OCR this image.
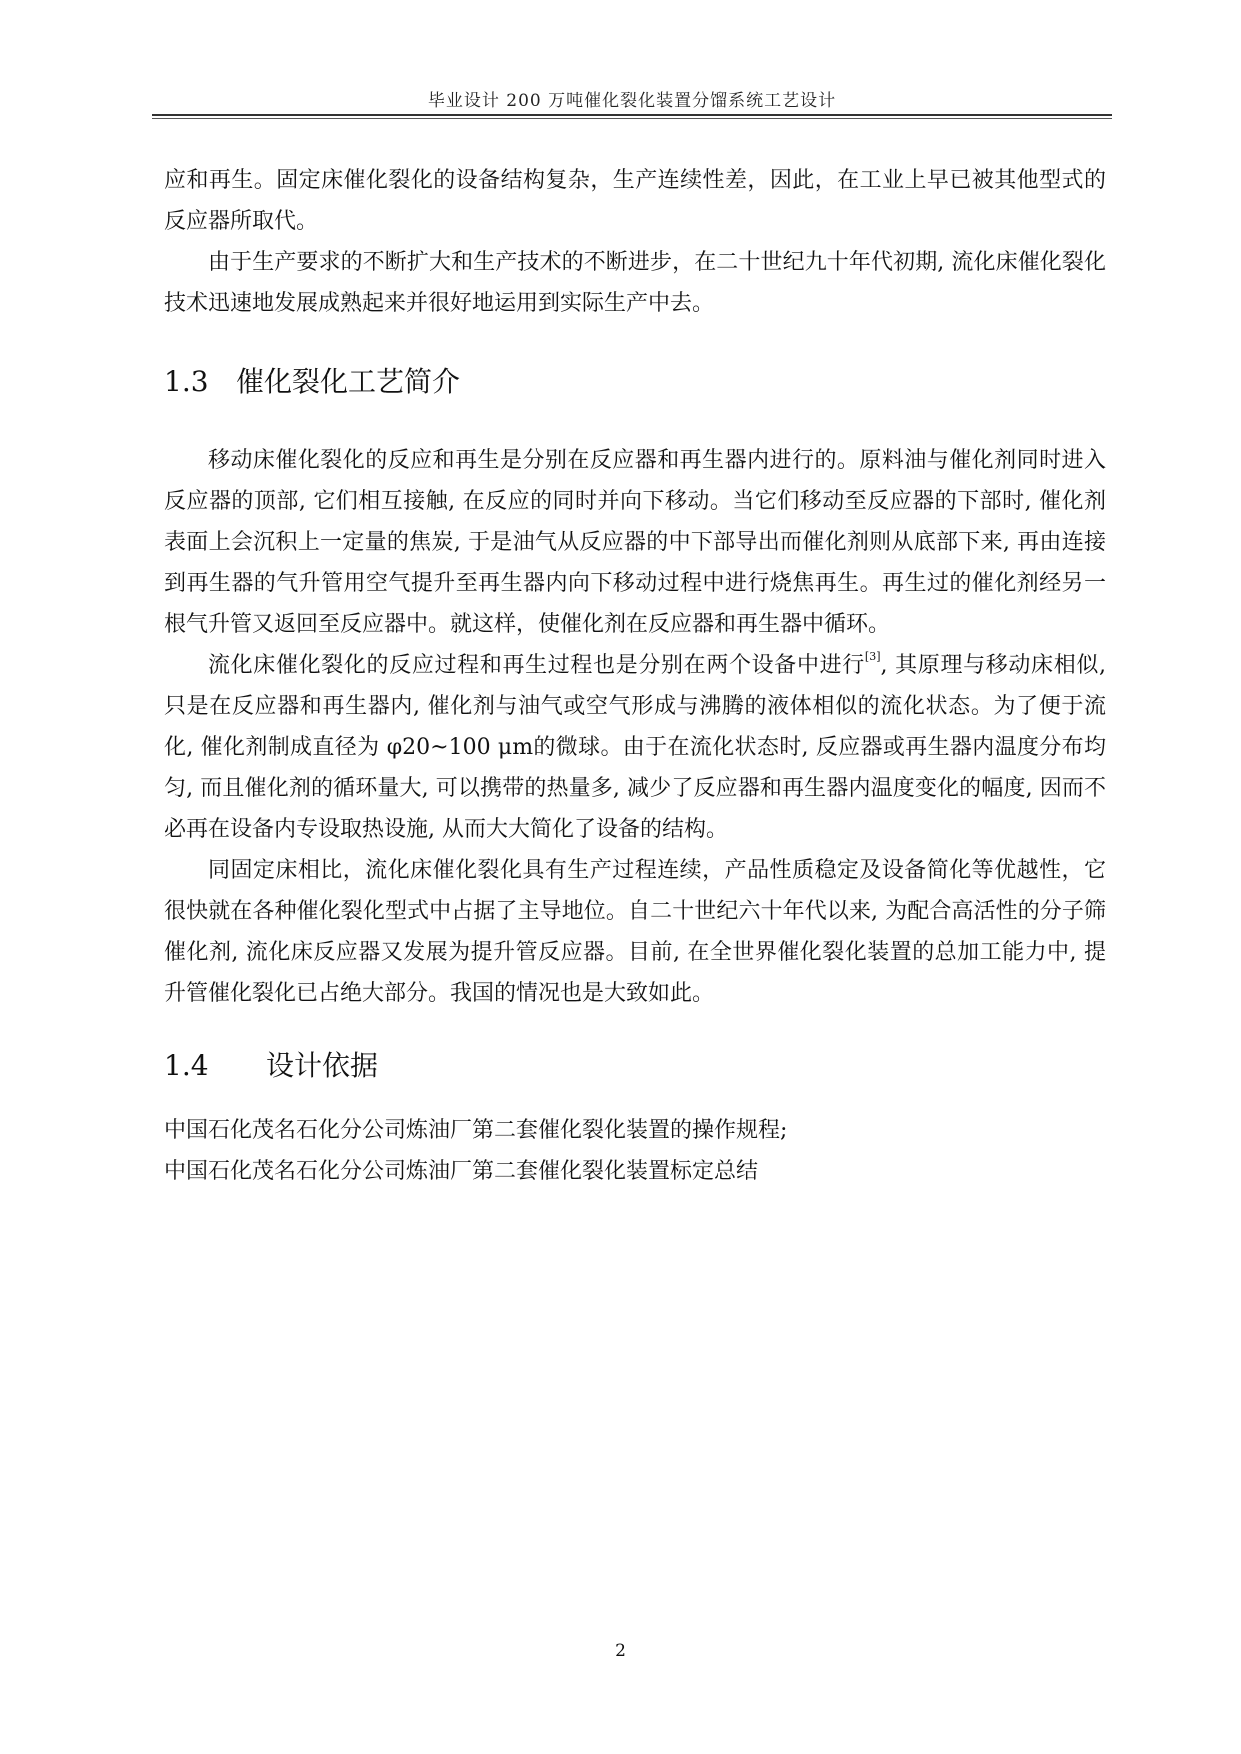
毕业设计 200 万吨催化裂化装置分馏系统工艺设计

应和再生。固定床催化裂化的设备结构复杂，生产连续性差，因此，在工业上早已被其他型式的反应器所取代。

由于生产要求的不断扩大和生产技术的不断进步，在二十世纪九十年代初期, 流化床催化裂化技术迅速地发展成熟起来并很好地运用到实际生产中去。

1.3 催化裂化工艺简介

移动床催化裂化的反应和再生是分别在反应器和再生器内进行的。原料油与催化剂同时进入反应器的顶部, 它们相互接触, 在反应的同时并向下移动。当它们移动至反应器的下部时, 催化剂表面上会沉积上一定量的焦炭, 于是油气从反应器的中下部导出而催化剂则从底部下来, 再由连接到再生器的气升管用空气提升至再生器内向下移动过程中进行烧焦再生。再生过的催化剂经另一根气升管又返回至反应器中。就这样，使催化剂在反应器和再生器中循环。

流化床催化裂化的反应过程和再生过程也是分别在两个设备中进行[3], 其原理与移动床相似, 只是在反应器和再生器内, 催化剂与油气或空气形成与沸腾的液体相似的流化状态。为了便于流化, 催化剂制成直径为 φ20~100 μm的微球。由于在流化状态时, 反应器或再生器内温度分布均匀, 而且催化剂的循环量大, 可以携带的热量多, 减少了反应器和再生器内温度变化的幅度, 因而不必再在设备内专设取热设施, 从而大大简化了设备的结构。

同固定床相比，流化床催化裂化具有生产过程连续，产品性质稳定及设备简化等优越性，它很快就在各种催化裂化型式中占据了主导地位。自二十世纪六十年代以来, 为配合高活性的分子筛催化剂, 流化床反应器又发展为提升管反应器。目前, 在全世界催化裂化装置的总加工能力中, 提升管催化裂化已占绝大部分。我国的情况也是大致如此。

1.4 设计依据

中国石化茂名石化分公司炼油厂第二套催化裂化装置的操作规程;

中国石化茂名石化分公司炼油厂第二套催化裂化装置标定总结

2
